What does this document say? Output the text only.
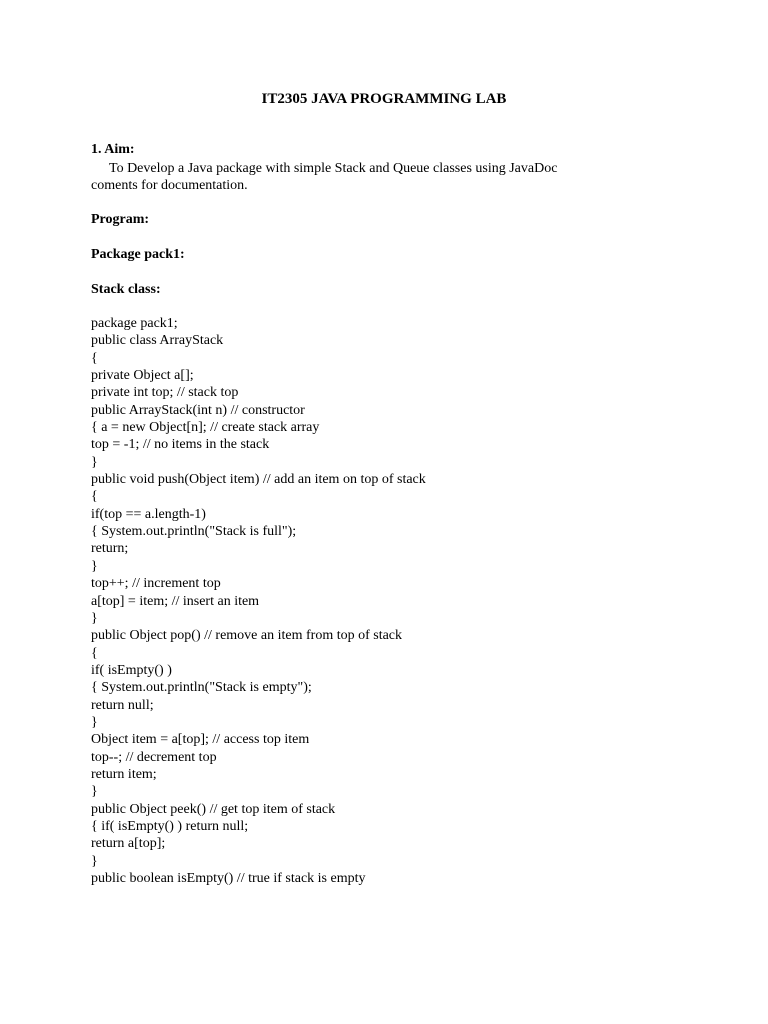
IT2305 JAVA PROGRAMMING LAB

1. Aim:

To Develop a Java package with simple Stack and Queue classes using JavaDoc
coments for documentation.

Program:

Package pack1:

Stack class:

package pack1;
public class ArrayStack
{
private Object a[];
private int top; // stack top
public ArrayStack(int n) // constructor
{ a = new Object[n]; // create stack array
top = -1; // no items in the stack
}
public void push(Object item) // add an item on top of stack
{
if(top == a.length-1)
{ System.out.println("Stack is full");
return;
}
top++; // increment top
a[top] = item; // insert an item
}
public Object pop() // remove an item from top of stack
{
if( isEmpty() )
{ System.out.println("Stack is empty");
return null;
}
Object item = a[top]; // access top item
top--; // decrement top
return item;
}
public Object peek() // get top item of stack
{ if( isEmpty() ) return null;
return a[top];
}
public boolean isEmpty() // true if stack is empty
